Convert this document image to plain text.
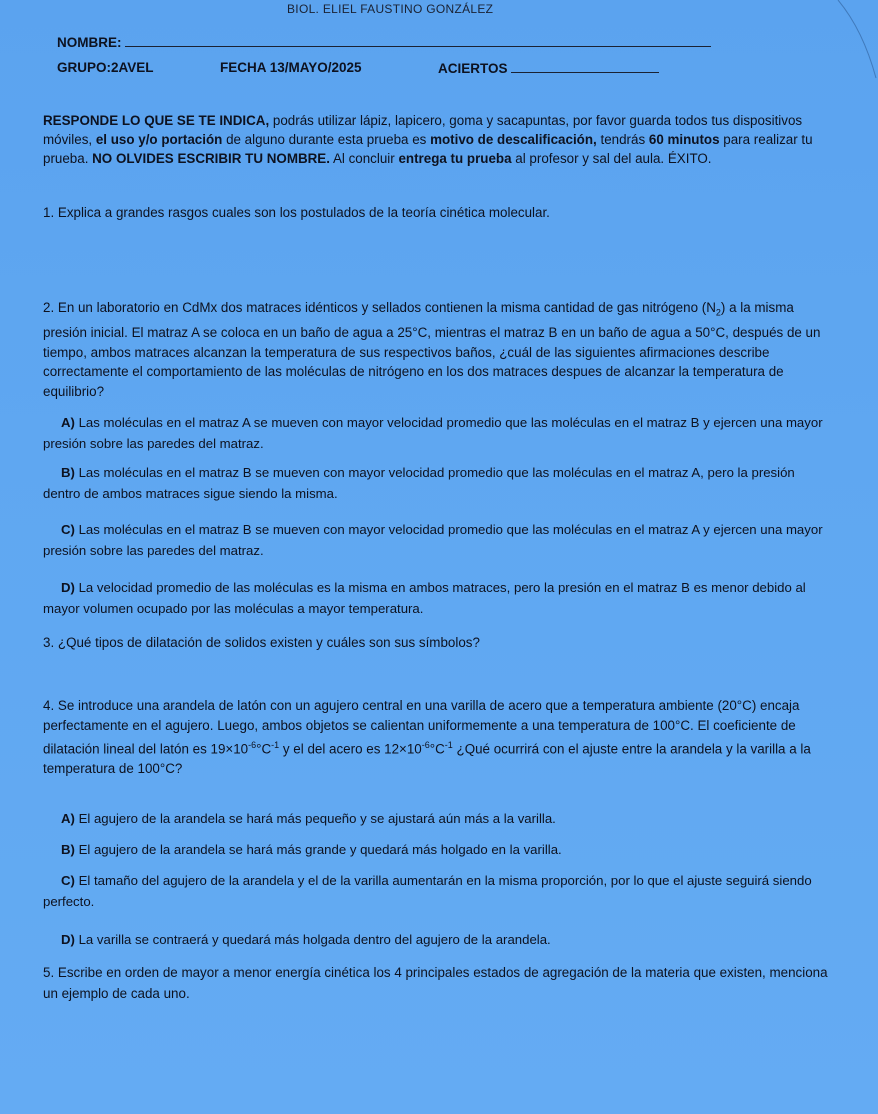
BIOL. ELIEL FAUSTINO GONZÁLEZ
NOMBRE:
GRUPO:2AVEL	FECHA 13/MAYO/2025	ACIERTOS
RESPONDE LO QUE SE TE INDICA, podrás utilizar lápiz, lapicero, goma y sacapuntas, por favor guarda todos tus dispositivos móviles, el uso y/o portación de alguno durante esta prueba es motivo de descalificación, tendrás 60 minutos para realizar tu prueba. NO OLVIDES ESCRIBIR TU NOMBRE. Al concluir entrega tu prueba al profesor y sal del aula. ÉXITO.
1. Explica a grandes rasgos cuales son los postulados de la teoría cinética molecular.
2. En un laboratorio en CdMx dos matraces idénticos y sellados contienen la misma cantidad de gas nitrógeno $(N_2)$ a la misma presión inicial. El matraz A se coloca en un baño de agua a 25°C, mientras el matraz B en un baño de agua a 50°C, después de un tiempo, ambos matraces alcanzan la temperatura de sus respectivos baños, ¿cuál de las siguientes afirmaciones describe correctamente el comportamiento de las moléculas de nitrógeno en los dos matraces despues de alcanzar la temperatura de equilibrio?
A) Las moléculas en el matraz A se mueven con mayor velocidad promedio que las moléculas en el matraz B y ejercen una mayor presión sobre las paredes del matraz.
B) Las moléculas en el matraz B se mueven con mayor velocidad promedio que las moléculas en el matraz A, pero la presión dentro de ambos matraces sigue siendo la misma.
C) Las moléculas en el matraz B se mueven con mayor velocidad promedio que las moléculas en el matraz A y ejercen una mayor presión sobre las paredes del matraz.
D) La velocidad promedio de las moléculas es la misma en ambos matraces, pero la presión en el matraz B es menor debido al mayor volumen ocupado por las moléculas a mayor temperatura.
3. ¿Qué tipos de dilatación de solidos existen y cuáles son sus símbolos?
4. Se introduce una arandela de latón con un agujero central en una varilla de acero que a temperatura ambiente (20°C) encaja perfectamente en el agujero. Luego, ambos objetos se calientan uniformemente a una temperatura de 100°C. El coeficiente de dilatación lineal del latón es $19\times 10^{-6}^\circ C^{-1}$ y el del acero es $12\times 10^{-6}^\circ C^{-1}$ ¿Qué ocurrirá con el ajuste entre la arandela y la varilla a la temperatura de 100°C?
A) El agujero de la arandela se hará más pequeño y se ajustará aún más a la varilla.
B) El agujero de la arandela se hará más grande y quedará más holgado en la varilla.
C) El tamaño del agujero de la arandela y el de la varilla aumentarán en la misma proporción, por lo que el ajuste seguirá siendo perfecto.
D) La varilla se contraerá y quedará más holgada dentro del agujero de la arandela.
5. Escribe en orden de mayor a menor energía cinética los 4 principales estados de agregación de la materia que existen, menciona un ejemplo de cada uno.
